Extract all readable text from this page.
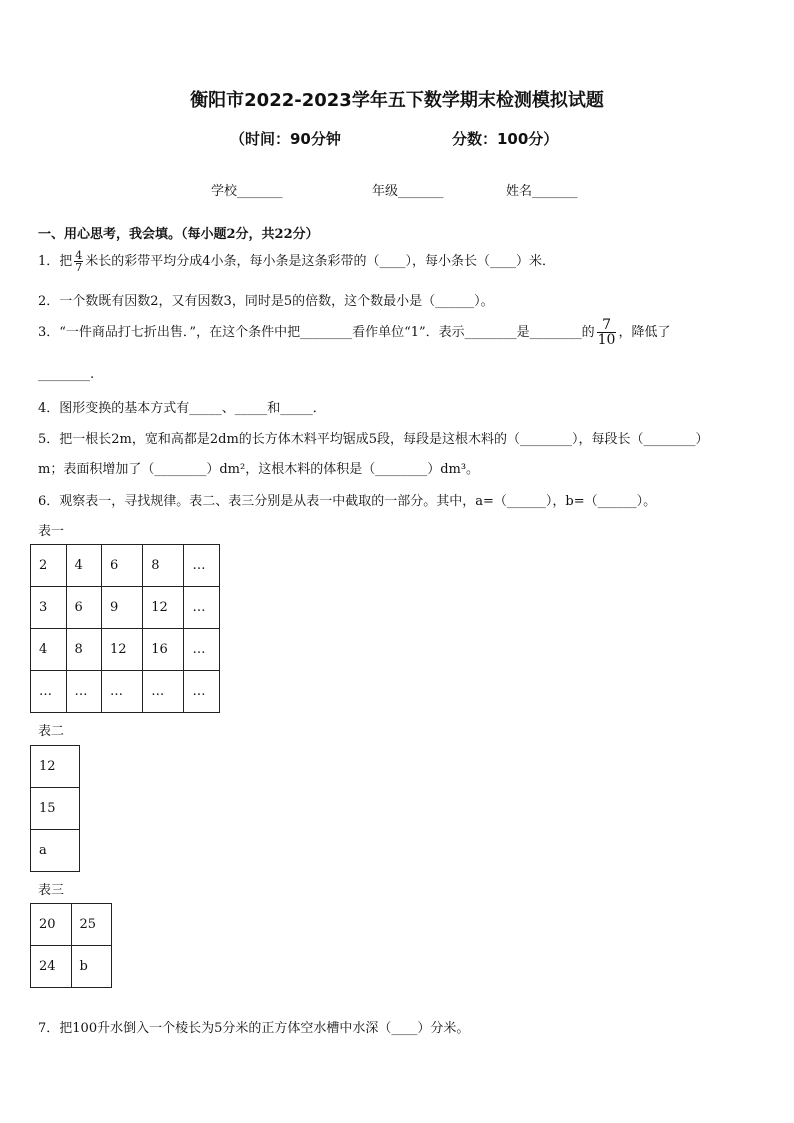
衡阳市2022-2023学年五下数学期末检测模拟试题
（时间：90分钟	分数：100分）
学校_______	年级_______	姓名_______
一、用心思考，我会填。（每小题2分，共22分）
1．把 $\frac{4}{7}$ 米长的彩带平均分成4小条，每小条是这条彩带的（____），每小条长（____）米．
2．一个数既有因数2，又有因数3，同时是5的倍数，这个数最小是（______）。
3．“一件商品打七折出售．”，在这个条件中把________看作单位“1”．表示________是________的 $\frac{7}{10}$ ，降低了
________.
4．图形变换的基本方式有_____、_____和_____．
5．把一根长2m，宽和高都是2dm的长方体木料平均锯成5段，每段是这根木料的（________），每段长（________）
m；表面积增加了（________）dm²，这根木料的体积是（________）dm³。
6．观察表一，寻找规律。表二、表三分别是从表一中截取的一部分。其中，a=（______），b=（______）。
表一
2	4	6	8	…
3	6	9	12	…
4	8	12	16	…
…	…	…	…	…
表二
12
15
a
表三
20	25
24	b
7．把100升水倒入一个棱长为5分米的正方体空水槽中水深（____）分米。
